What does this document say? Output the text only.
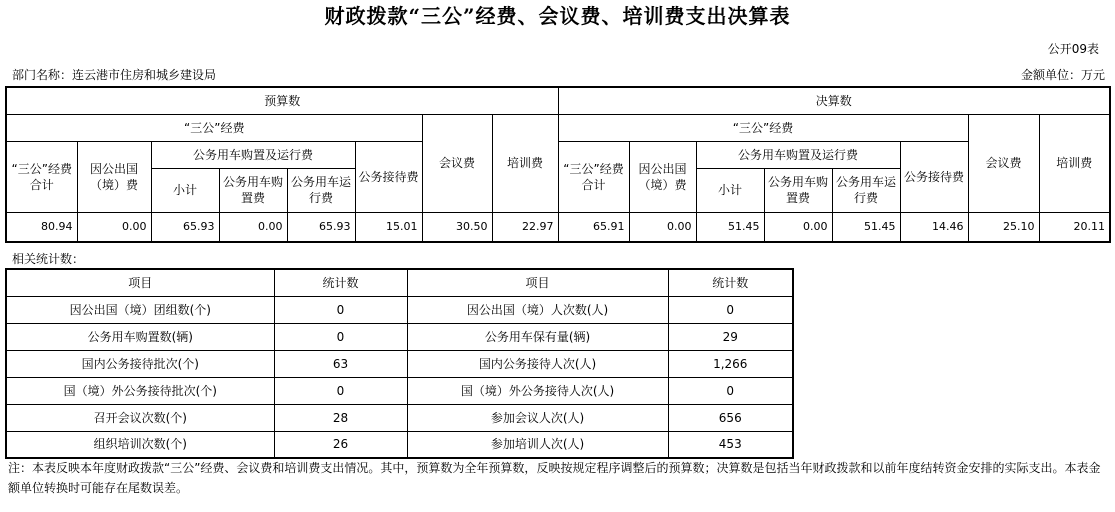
财政拨款“三公”经费、会议费、培训费支出决算表
公开09表
部门名称：连云港市住房和城乡建设局	金额单位：万元
预算数								决算数							
“三公”经费						会议费	培训费	“三公”经费						会议费	培训费
“三公”经费合计	因公出国（境）费	公务用车购置及运行费			公务接待费			“三公”经费合计	因公出国（境）费	公务用车购置及运行费			公务接待费		
		小计	公务用车购置费	公务用车运行费						小计	公务用车购置费	公务用车运行费			
80.94	0.00	65.93	0.00	65.93	15.01	30.50	22.97	65.91	0.00	51.45	0.00	51.45	14.46	25.10	20.11
相关统计数：
项目	统计数	项目	统计数
因公出国（境）团组数(个)	0	因公出国（境）人次数(人)	0
公务用车购置数(辆)	0	公务用车保有量(辆)	29
国内公务接待批次(个)	63	国内公务接待人次(人)	1,266
国（境）外公务接待批次(个)	0	国（境）外公务接待人次(人)	0
召开会议次数(个)	28	参加会议人次(人)	656
组织培训次数(个)	26	参加培训人次(人)	453
注：本表反映本年度财政拨款“三公”经费、会议费和培训费支出情况。其中，预算数为全年预算数，反映按规定程序调整后的预算数；决算数是包括当年财政拨款和以前年度结转资金安排的实际支出。本表金额单位转换时可能存在尾数误差。
